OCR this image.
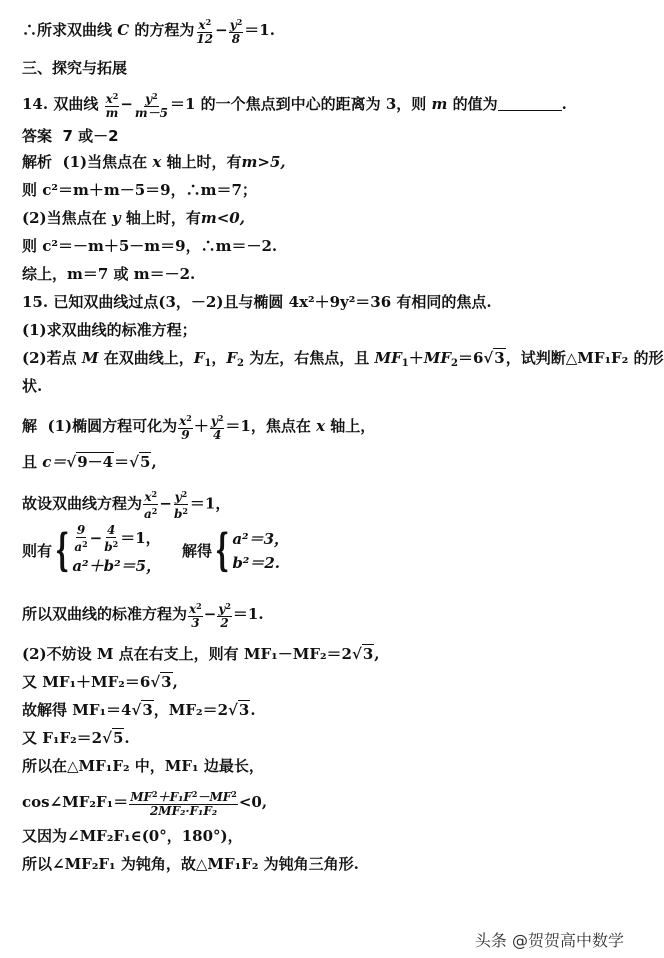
∴所求双曲线 C 的方程为 $\frac{x^2}{12} - \frac{y^2}{8} =1$.
三、探究与拓展
14. 双曲线 $\frac{x^2}{m} - \frac{y^2}{m-5} =1$ 的一个焦点到中心的距离为 3，则 m 的值为	.
答案 7 或－2
解析 (1)当焦点在 x 轴上时，有m>5,
则 c²＝m＋m－5＝9，∴m＝7；
(2)当焦点在 y 轴上时，有m<0,
则 c²＝－m＋5－m＝9，∴m＝－2.
综上，m＝7 或 m＝－2.
15. 已知双曲线过点(3，－2)且与椭圆 4x²＋9y²＝36 有相同的焦点.
(1)求双曲线的标准方程；
(2)若点 M 在双曲线上，$F_1$，$F_2$ 为左，右焦点，且 $MF_1+MF_2=6√3$，试判断△MF₁F₂ 的形
状.
解 (1)椭圆方程可化为 $\frac{x^2}{9} + \frac{y^2}{4} =1$，焦点在 x 轴上，
且 c＝√9－4＝√5,
故设双曲线方程为 $\frac{x^2}{a^2} - \frac{y^2}{b^2} =1$，
则有{ $\frac{9}{a^2} - \frac{4}{b^2} =1$，
a²＋b²＝5，
解得{ a²＝3，
b²＝2.
所以双曲线的标准方程为 $\frac{x^2}{3} - \frac{y^2}{2} =1$.
(2)不妨设 M 点在右支上，则有 MF₁－MF₂＝2√3,
又 MF₁＋MF₂＝6√3,
故解得 MF₁＝4√3，MF₂＝2√3.
又 F₁F₂＝2√5.
所以在△MF₁F₂ 中，MF₁ 边最长，
cos∠MF₂F₁＝ $\frac{MF^2+F_1F^2-MF^2}{\text{2MF₂·F₁F₂}} <0$,
又因为∠MF₂F₁∈(0°，180°)，
所以∠MF₂F₁ 为钝角，故△MF₁F₂ 为钝角三角形.
头条 @贺贺高中数学
